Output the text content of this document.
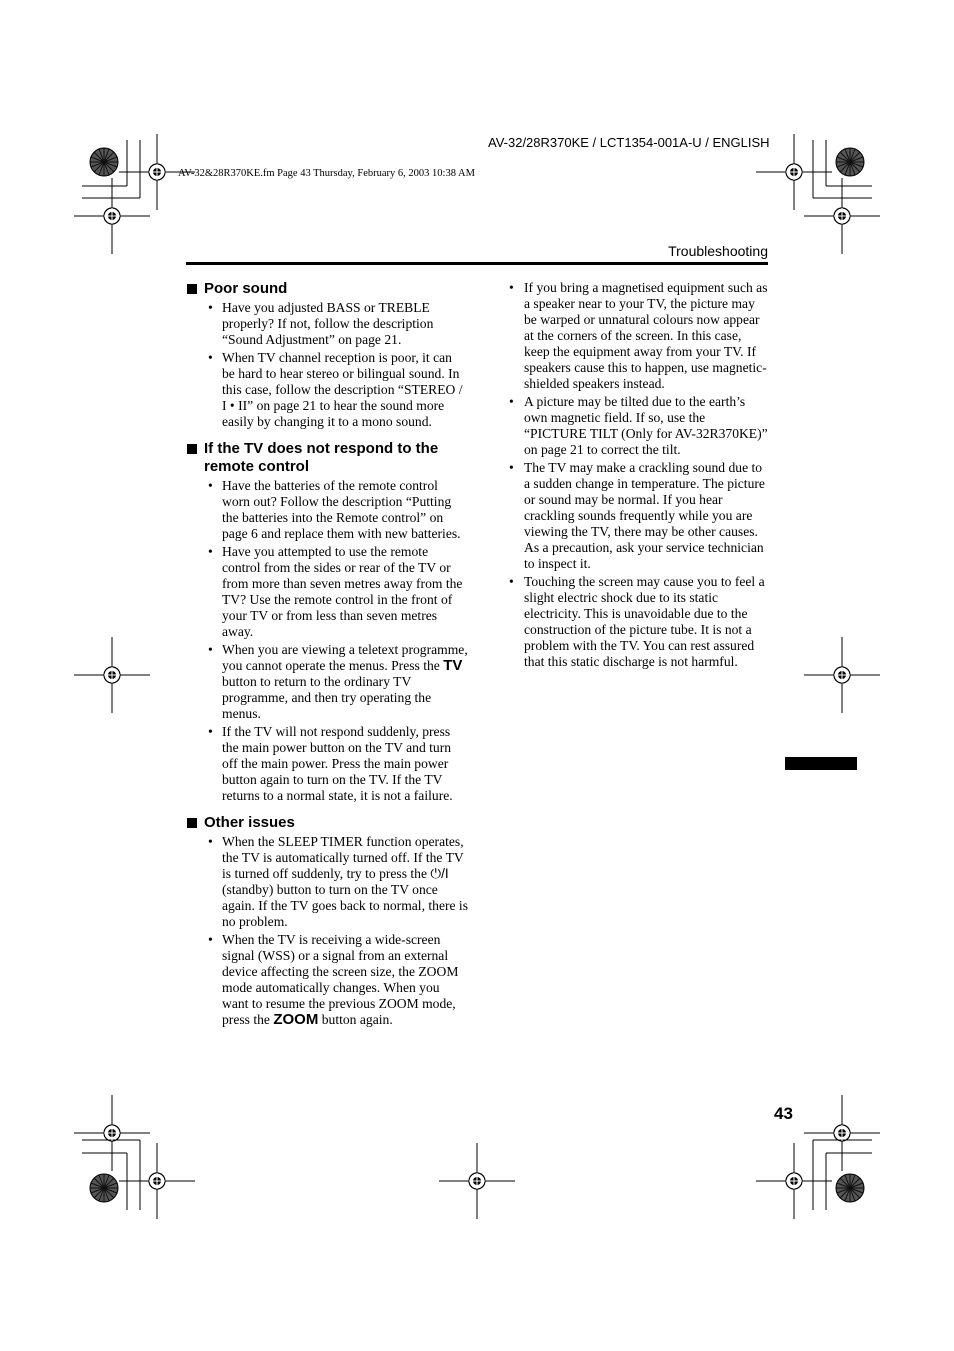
AV-32/28R370KE / LCT1354-001A-U / ENGLISH
AV-32&28R370KE.fm Page 43 Thursday, February 6, 2003 10:38 AM
Troubleshooting
Poor sound
• Have you adjusted BASS or TREBLE properly? If not, follow the description “Sound Adjustment” on page 21.
• When TV channel reception is poor, it can be hard to hear stereo or bilingual sound. In this case, follow the description “STEREO / I • II” on page 21 to hear the sound more easily by changing it to a mono sound.
If the TV does not respond to the remote control
• Have the batteries of the remote control worn out? Follow the description “Putting the batteries into the Remote control” on page 6 and replace them with new batteries.
• Have you attempted to use the remote control from the sides or rear of the TV or from more than seven metres away from the TV? Use the remote control in the front of your TV or from less than seven metres away.
• When you are viewing a teletext programme, you cannot operate the menus. Press the TV button to return to the ordinary TV programme, and then try operating the menus.
• If the TV will not respond suddenly, press the main power button on the TV and turn off the main power. Press the main power button again to turn on the TV. If the TV returns to a normal state, it is not a failure.
Other issues
• When the SLEEP TIMER function operates, the TV is automatically turned off. If the TV is turned off suddenly, try to press the ⏻/I (standby) button to turn on the TV once again. If the TV goes back to normal, there is no problem.
• When the TV is receiving a wide-screen signal (WSS) or a signal from an external device affecting the screen size, the ZOOM mode automatically changes. When you want to resume the previous ZOOM mode, press the ZOOM button again.
• If you bring a magnetised equipment such as a speaker near to your TV, the picture may be warped or unnatural colours now appear at the corners of the screen. In this case, keep the equipment away from your TV. If speakers cause this to happen, use magnetic-shielded speakers instead.
• A picture may be tilted due to the earth’s own magnetic field. If so, use the “PICTURE TILT (Only for AV-32R370KE)” on page 21 to correct the tilt.
• The TV may make a crackling sound due to a sudden change in temperature. The picture or sound may be normal. If you hear crackling sounds frequently while you are viewing the TV, there may be other causes. As a precaution, ask your service technician to inspect it.
• Touching the screen may cause you to feel a slight electric shock due to its static electricity. This is unavoidable due to the construction of the picture tube. It is not a problem with the TV. You can rest assured that this static discharge is not harmful.
43
